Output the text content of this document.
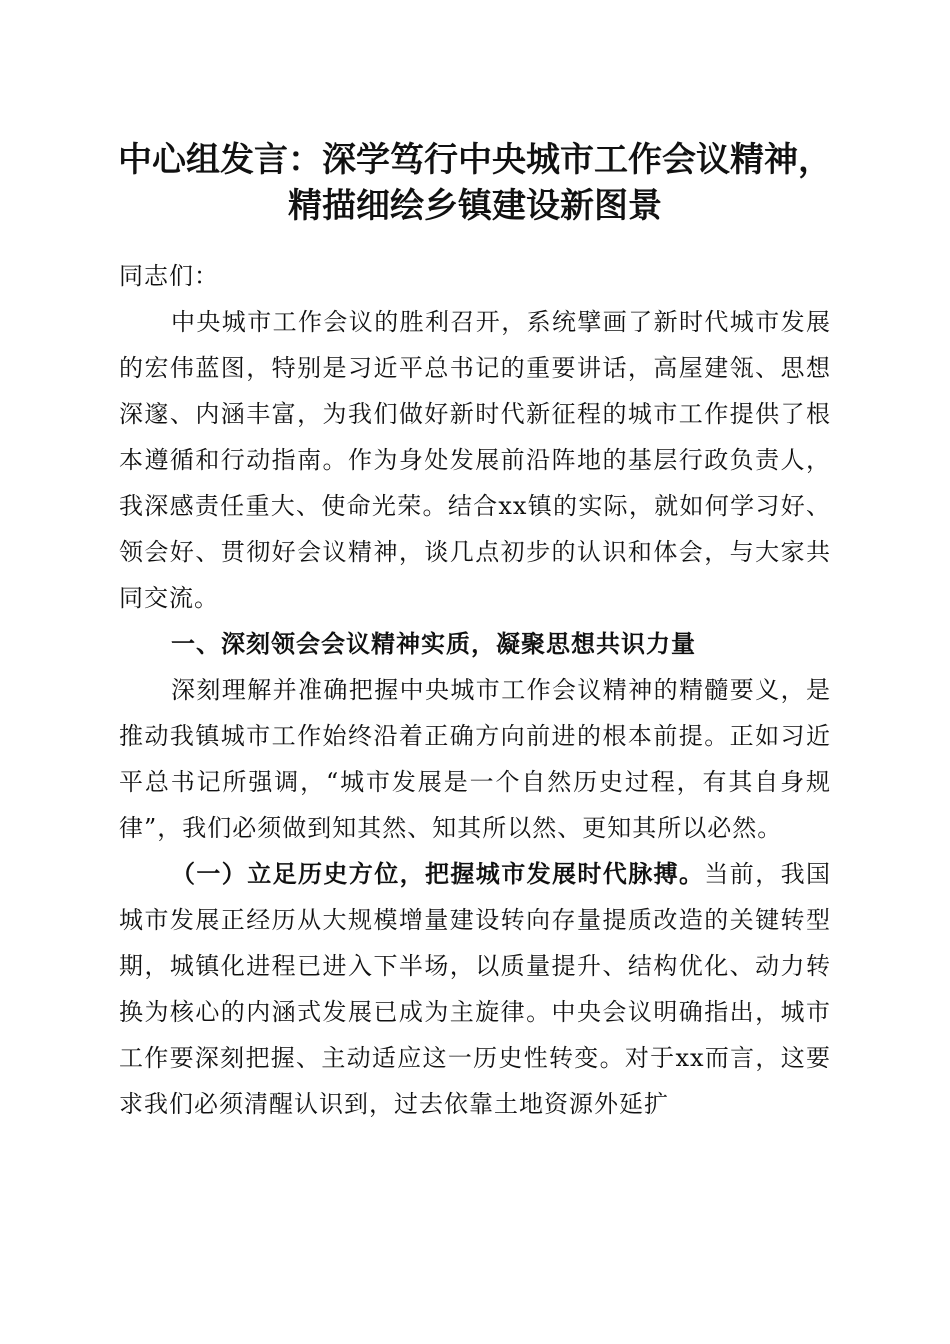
中心组发言：深学笃行中央城市工作会议精神，
精描细绘乡镇建设新图景

同志们：

中央城市工作会议的胜利召开，系统擘画了新时代城市发展的宏伟蓝图，特别是习近平总书记的重要讲话，高屋建瓴、思想深邃、内涵丰富，为我们做好新时代新征程的城市工作提供了根本遵循和行动指南。作为身处发展前沿阵地的基层行政负责人，我深感责任重大、使命光荣。结合xx镇的实际，就如何学习好、领会好、贯彻好会议精神，谈几点初步的认识和体会，与大家共同交流。

一、深刻领会会议精神实质，凝聚思想共识力量

深刻理解并准确把握中央城市工作会议精神的精髓要义，是推动我镇城市工作始终沿着正确方向前进的根本前提。正如习近平总书记所强调，“城市发展是一个自然历史过程，有其自身规律”，我们必须做到知其然、知其所以然、更知其所以必然。

（一）立足历史方位，把握城市发展时代脉搏。当前，我国城市发展正经历从大规模增量建设转向存量提质改造的关键转型期，城镇化进程已进入下半场，以质量提升、结构优化、动力转换为核心的内涵式发展已成为主旋律。中央会议明确指出，城市工作要深刻把握、主动适应这一历史性转变。对于xx而言，这要求我们必须清醒认识到，过去依靠土地资源外延扩
